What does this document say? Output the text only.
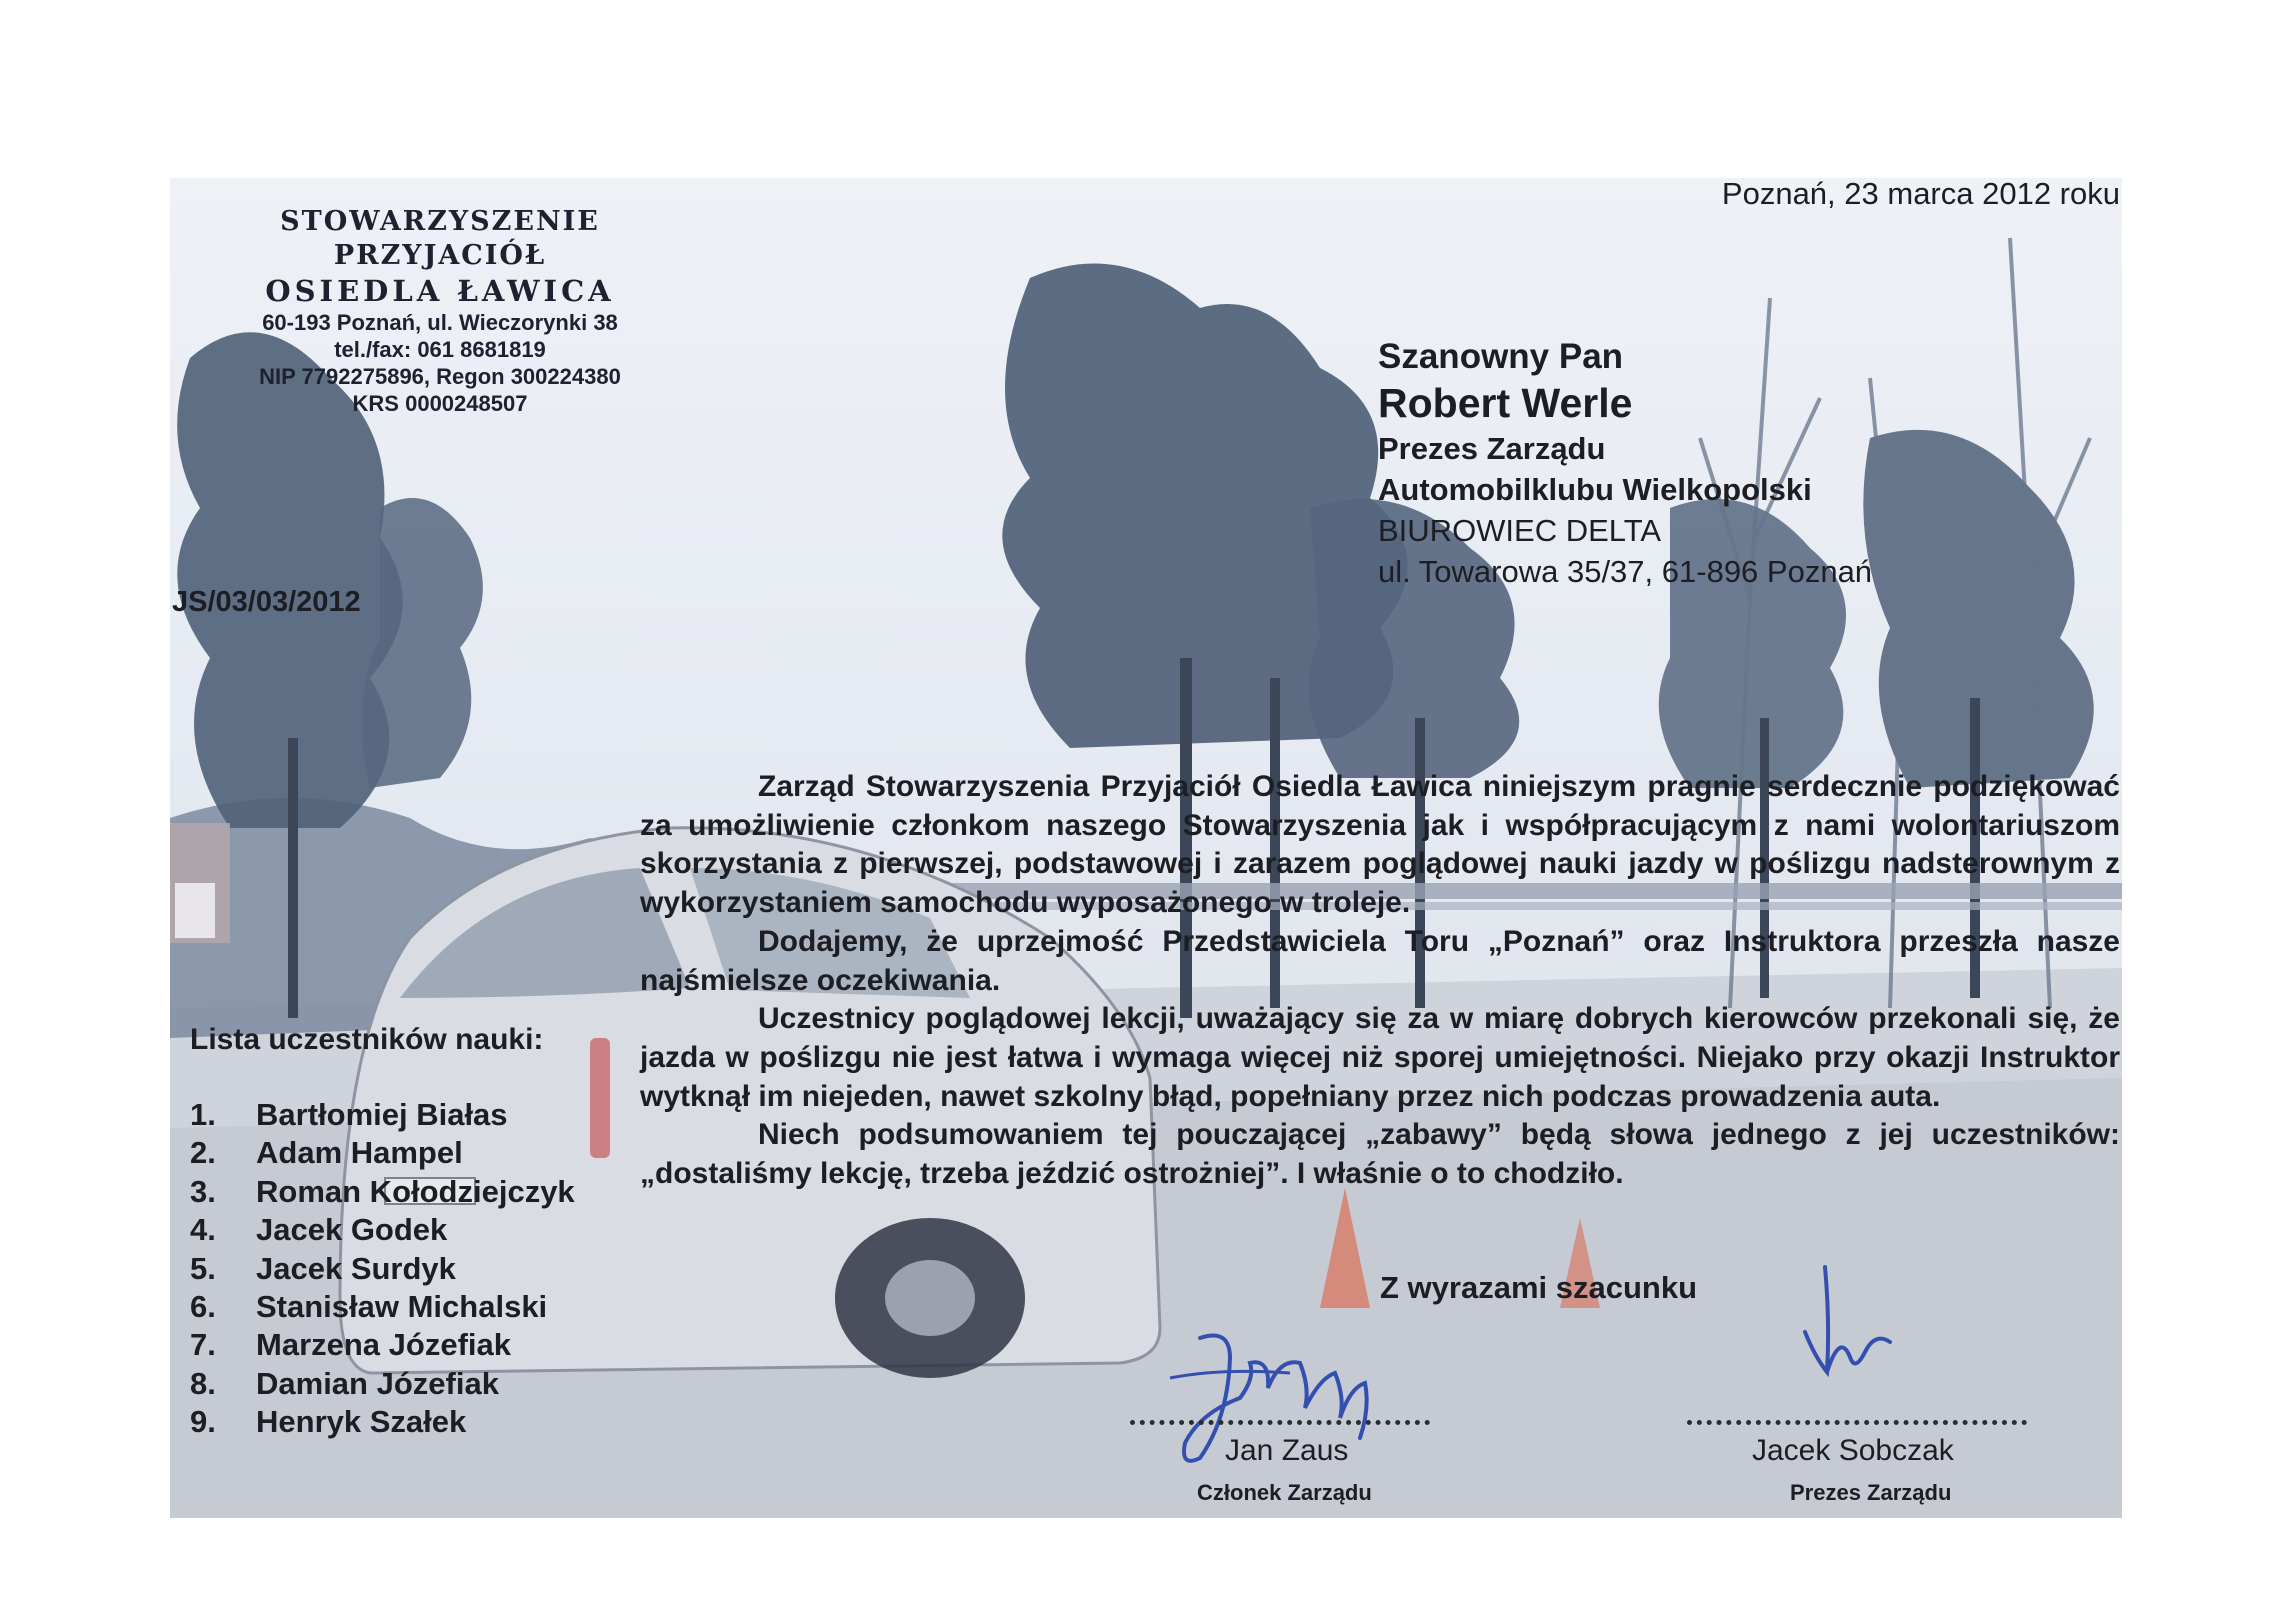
STOWARZYSZENIE PRZYJACIÓŁ
OSIEDLA ŁAWICA
60-193 Poznań, ul. Wieczorynki 38
tel./fax: 061 8681819
NIP 7792275896, Regon 300224380
KRS 0000248507
Poznań, 23 marca 2012 roku
JS/03/03/2012
Szanowny Pan
Robert Werle
Prezes Zarządu
Automobilklubu Wielkopolski
BIUROWIEC DELTA
ul. Towarowa 35/37, 61-896 Poznań

Zarząd Stowarzyszenia Przyjaciół Osiedla Ławica niniejszym pragnie serdecznie podziękować za umożliwienie członkom naszego Stowarzyszenia jak i współpracującym z nami wolontariuszom skorzystania z pierwszej, podstawowej i zarazem poglądowej nauki jazdy w poślizgu nadsterownym z wykorzystaniem samochodu wyposażonego w troleje.

Dodajemy, że uprzejmość Przedstawiciela Toru „Poznań” oraz Instruktora przeszła nasze najśmielsze oczekiwania.

Uczestnicy poglądowej lekcji, uważający się za w miarę dobrych kierowców przekonali się, że jazda w poślizgu nie jest łatwa i wymaga więcej niż sporej umiejętności. Niejako przy okazji Instruktor wytknął im niejeden, nawet szkolny błąd, popełniany przez nich podczas prowadzenia auta.

Niech podsumowaniem tej pouczającej „zabawy” będą słowa jednego z jej uczestników: „dostaliśmy lekcję, trzeba jeździć ostrożniej”. I właśnie o to chodziło.

Lista uczestników nauki:
1. Bartłomiej Białas
2. Adam Hampel
3. Roman Kołodziejczyk
4. Jacek Godek
5. Jacek Surdyk
6. Stanisław Michalski
7. Marzena Józefiak
8. Damian Józefiak
9. Henryk Szałek
Z wyrazami szacunku
Jan Zaus
Członek Zarządu
Jacek Sobczak
Prezes Zarządu
